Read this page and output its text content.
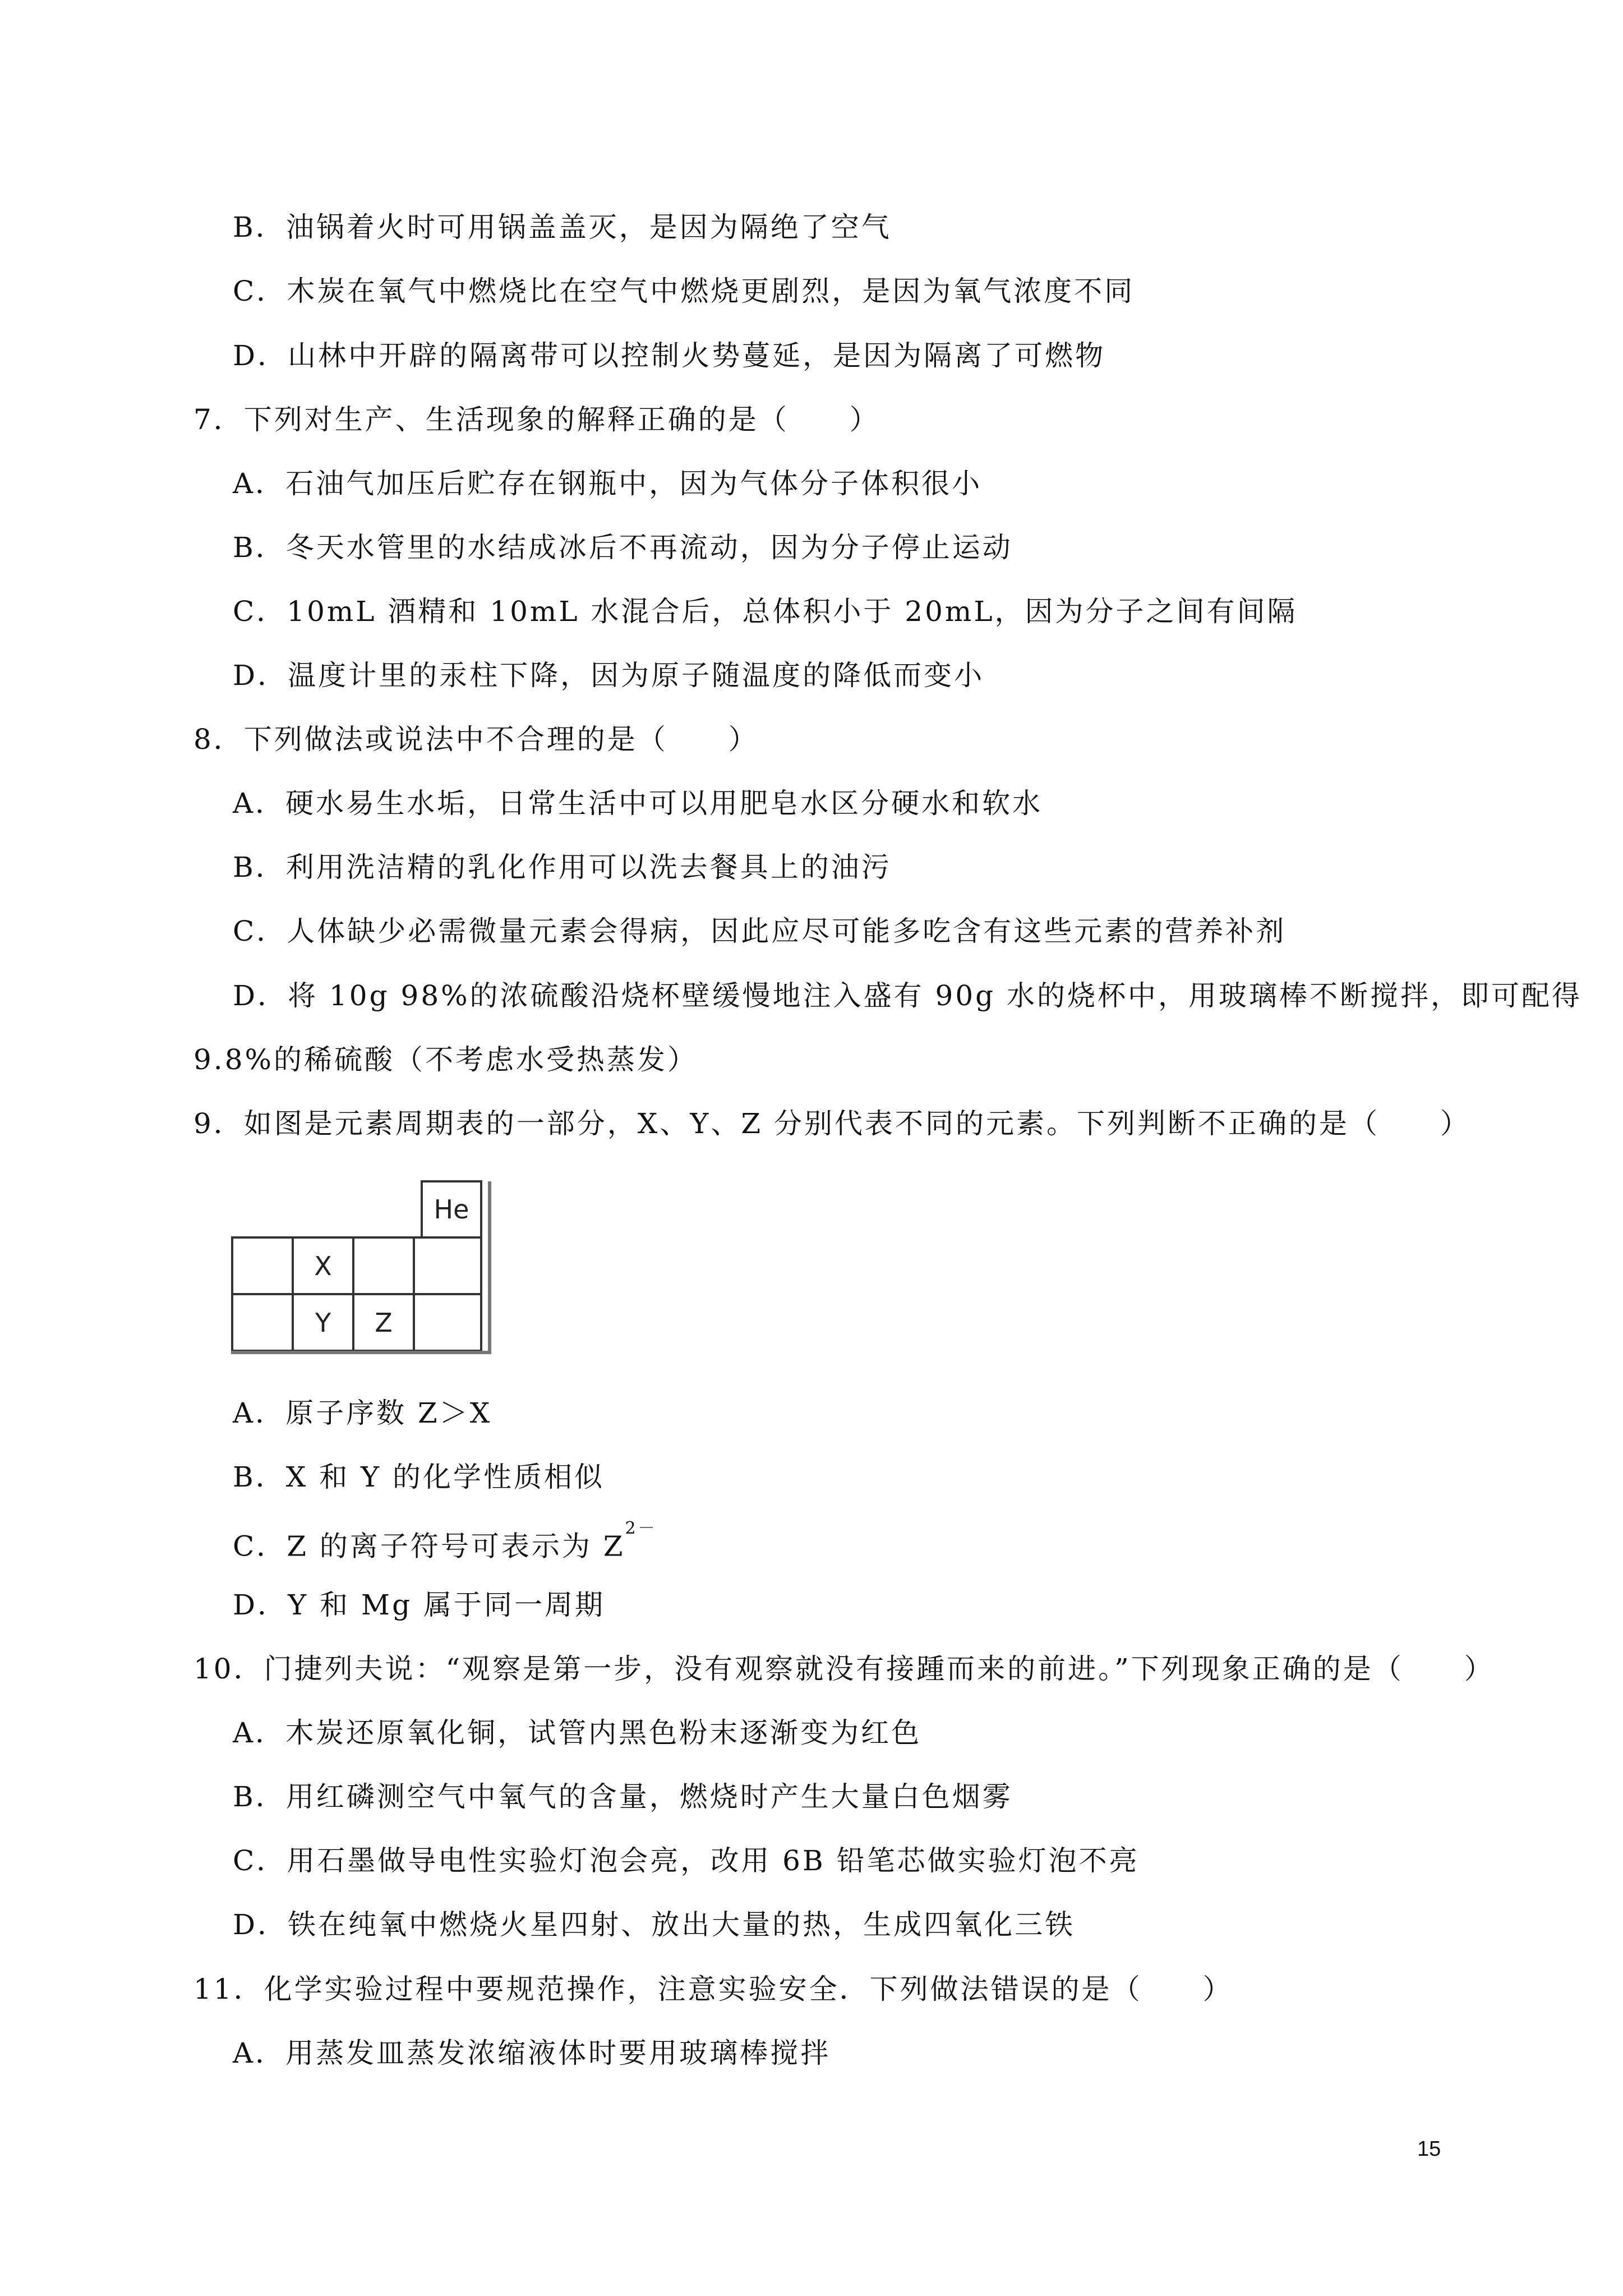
B．油锅着火时可用锅盖盖灭，是因为隔绝了空气
C．木炭在氧气中燃烧比在空气中燃烧更剧烈，是因为氧气浓度不同
D．山林中开辟的隔离带可以控制火势蔓延，是因为隔离了可燃物
7．下列对生产、生活现象的解释正确的是（　　）
A．石油气加压后贮存在钢瓶中，因为气体分子体积很小
B．冬天水管里的水结成冰后不再流动，因为分子停止运动
C．10mL 酒精和 10mL 水混合后，总体积小于 20mL，因为分子之间有间隔
D．温度计里的汞柱下降，因为原子随温度的降低而变小
8．下列做法或说法中不合理的是（　　）
A．硬水易生水垢，日常生活中可以用肥皂水区分硬水和软水
B．利用洗洁精的乳化作用可以洗去餐具上的油污
C．人体缺少必需微量元素会得病，因此应尽可能多吃含有这些元素的营养补剂
D．将 10g 98%的浓硫酸沿烧杯壁缓慢地注入盛有 90g 水的烧杯中，用玻璃棒不断搅拌，即可配得
9.8%的稀硫酸（不考虑水受热蒸发）
9．如图是元素周期表的一部分，X、Y、Z 分别代表不同的元素。下列判断不正确的是（　　）
He
X
Y	Z
A．原子序数 Z＞X
B．X 和 Y 的化学性质相似
C．Z 的离子符号可表示为 $Z^{2-}$
D．Y 和 Mg 属于同一周期
10．门捷列夫说：“观察是第一步，没有观察就没有接踵而来的前进。”下列现象正确的是（　　）
A．木炭还原氧化铜，试管内黑色粉末逐渐变为红色
B．用红磷测空气中氧气的含量，燃烧时产生大量白色烟雾
C．用石墨做导电性实验灯泡会亮，改用 6B 铅笔芯做实验灯泡不亮
D．铁在纯氧中燃烧火星四射、放出大量的热，生成四氧化三铁
11．化学实验过程中要规范操作，注意实验安全．下列做法错误的是（　　）
A．用蒸发皿蒸发浓缩液体时要用玻璃棒搅拌
15
